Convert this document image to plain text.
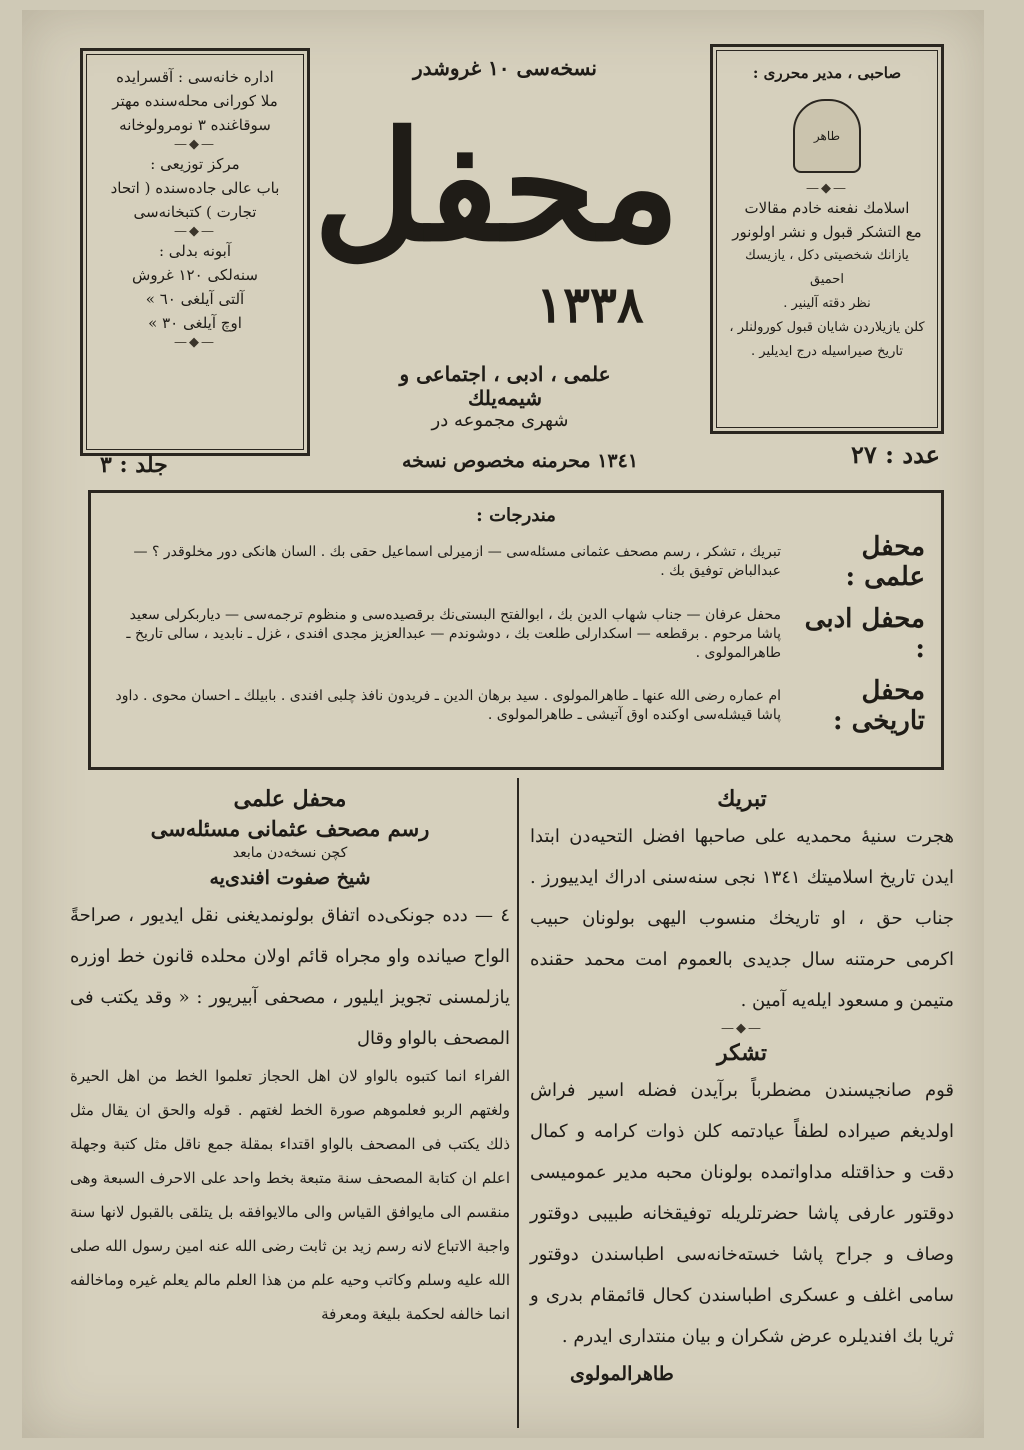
اداره خانه‌سی : آقسرایده
ملا كورانی محله‌سنده مهتر
سوقاغنده ٣ نومرولوخانه
—◆—
مركز توزیعی :
باب عالی جاده‌سنده ( اتحاد
تجارت ) كتبخانه‌سی
—◆—
آبونه بدلی :
سنه‌لكی ١٢٠ غروش
آلتی آیلغی ٦٠ »
اوچ آیلغی ٣٠ »
—◆—
صاحبی ، مدیر محرری :
طاهر
—◆—
اسلامك نفعنه خادم مقالات
مع التشكر قبول و نشر اولونور
یازانك شخصیتی دكل ، یازیسك احمیق
نظر دقته آلینیر .
كلن یازیلاردن شایان قبول كورولنلر ،
تاریخ صیراسیله درج ایدیلیر .
نسخه‌سی ۱۰ غروشدر
محفل
١٣٣٨
علمی ، ادبی ، اجتماعی و شیمه‌یلك
شهری مجموعه در
١٣٤١ محرمنه مخصوص نسخه	عدد : ٢٧
جلد : ٣
مندرجات :
محفل علمی :
تبریك ، تشكر ، رسم مصحف عثمانی مسئله‌سی — ازمیرلی اسماعیل حقی بك . السان هانكی دور مخلوقدر ؟ — عبدالباض توفیق بك .
محفل ادبی :
محفل عرفان — جناب شهاب الدین بك ، ابوالفتح البستی‌نك برقصیده‌سی و منظوم ترجمه‌سی — دیاربكرلی سعید پاشا مرحوم . برقطعه — اسكدارلی طلعت بك ، دوشوندم — عبدالعزیز مجدی افندی ، غزل ـ نابدید ، سالی تاریخ ـ طاهرالمولوی .
محفل تاریخی :
ام عماره رضی الله عنها ـ طاهرالمولوی . سید برهان الدین ـ فریدون نافذ چلبی افندی . بابیلك ـ احسان محوی . داود پاشا قیشله‌سی اوكنده اوق آتیشی ـ طاهرالمولوی .
تبریك
هجرت سنیهٔ محمدیه علی صاحبها افضل التحیه‌دن ابتدا ایدن تاریخ اسلامیتك ١٣٤١ نجی سنه‌سنی ادراك ایدییورز . جناب حق ، او تاریخك منسوب الیهی بولونان حبیب اكرمی حرمتنه سال جدیدی بالعموم امت محمد حقنده متیمن و مسعود ایله‌یه آمین .
—◆—
تشكر
قوم صانجیسندن مضطرباً برآیدن فضله اسیر فراش اولدیغم صیراده لطفاً عیادتمه كلن ذوات كرامه و كمال دقت و حذاقتله مداواتمده بولونان محبه مدیر عمومیسی دوقتور عارفی پاشا حضرتلریله توفیقخانه طبیبی دوقتور وصاف و جراح پاشا خسته‌خانه‌سی اطباسندن دوقتور سامی اغلف و عسكری اطباسندن كحال قائمقام بدری و ثریا بك افندیلره عرض شكران و بیان منتداری ایدرم .
طاهرالمولوی
محفل علمی
رسم مصحف عثمانی مسئله‌سی
كچن نسخه‌دن مابعد
شیخ صفوت افندی‌یه
٤ — دده جونكی‌ده اتفاق بولونمدیغنی نقل ایدیور ، صراحةً الواح صیانده واو مجراه قائم اولان محلده قانون خط اوزره یازلمسنی تجویز ایلیور ، مصحفی آبیریور : « وقد یكتب فی المصحف بالواو وقال
الفراء انما كتبوه بالواو لان اهل الحجاز تعلموا الخط من اهل الحیرة ولغتهم الربو فعلموهم صورة الخط لغتهم . قوله والحق ان یقال مثل ذلك یكتب فی المصحف بالواو اقتداء بمقلة جمع ناقل مثل كتبة وجهلة اعلم ان كتابة المصحف سنة متبعة بخط واحد علی الاحرف السبعة وهی منقسم الی مایوافق القیاس والی مالایوافقه بل یتلقی بالقبول لانها سنة واجبة الاتباع لانه رسم زید بن ثابت رضی الله عنه امین رسول الله صلی الله علیه وسلم وكاتب وحیه علم من هذا العلم مالم یعلم غیره وماخالفه انما خالفه لحكمة بلیغة ومعرفة
